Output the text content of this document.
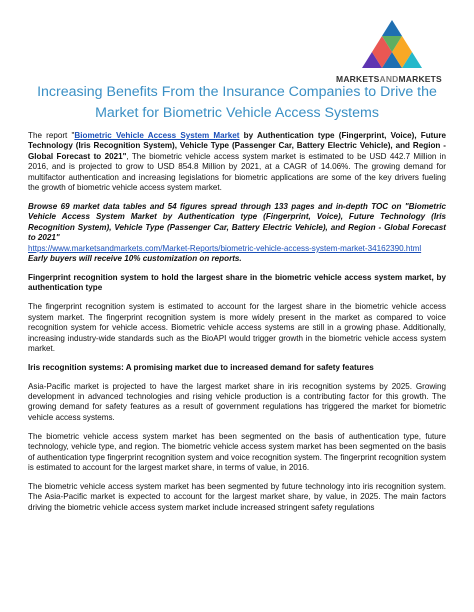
MARKETSANDMARKETS
Increasing Benefits From the Insurance Companies to Drive the Market for Biometric Vehicle Access Systems

The report "Biometric Vehicle Access System Market by Authentication type (Fingerprint, Voice), Future Technology (Iris Recognition System), Vehicle Type (Passenger Car, Battery Electric Vehicle), and Region - Global Forecast to 2021", The biometric vehicle access system market is estimated to be USD 442.7 Million in 2016, and is projected to grow to USD 854.8 Million by 2021, at a CAGR of 14.06%. The growing demand for multifactor authentication and increasing legislations for biometric applications are some of the key drivers fueling the growth of biometric vehicle access system market.

Browse 69 market data tables and 54 figures spread through 133 pages and in-depth TOC on "Biometric Vehicle Access System Market by Authentication type (Fingerprint, Voice), Future Technology (Iris Recognition System), Vehicle Type (Passenger Car, Battery Electric Vehicle), and Region - Global Forecast to 2021"
https://www.marketsandmarkets.com/Market-Reports/biometric-vehicle-access-system-market-34162390.html
Early buyers will receive 10% customization on reports.

Fingerprint recognition system to hold the largest share in the biometric vehicle access system market, by authentication type

The fingerprint recognition system is estimated to account for the largest share in the biometric vehicle access system market. The fingerprint recognition system is more widely present in the market as compared to voice recognition system for vehicle access. Biometric vehicle access systems are still in a growing phase. Additionally, increasing industry-wide standards such as the BioAPI would trigger growth in the biometric vehicle access system market.

Iris recognition systems: A promising market due to increased demand for safety features

Asia-Pacific market is projected to have the largest market share in iris recognition systems by 2025. Growing development in advanced technologies and rising vehicle production is a contributing factor for this growth. The growing demand for safety features as a result of government regulations has triggered the market for biometric vehicle access systems.

The biometric vehicle access system market has been segmented on the basis of authentication type, future technology, vehicle type, and region. The biometric vehicle access system market has been segmented on the basis of authentication type fingerprint recognition system and voice recognition system. The fingerprint recognition system is estimated to account for the largest market share, in terms of value, in 2016.

The biometric vehicle access system market has been segmented by future technology into iris recognition system. The Asia-Pacific market is expected to account for the largest market share, by value, in 2025. The main factors driving the biometric vehicle access system market include increased stringent safety regulations
